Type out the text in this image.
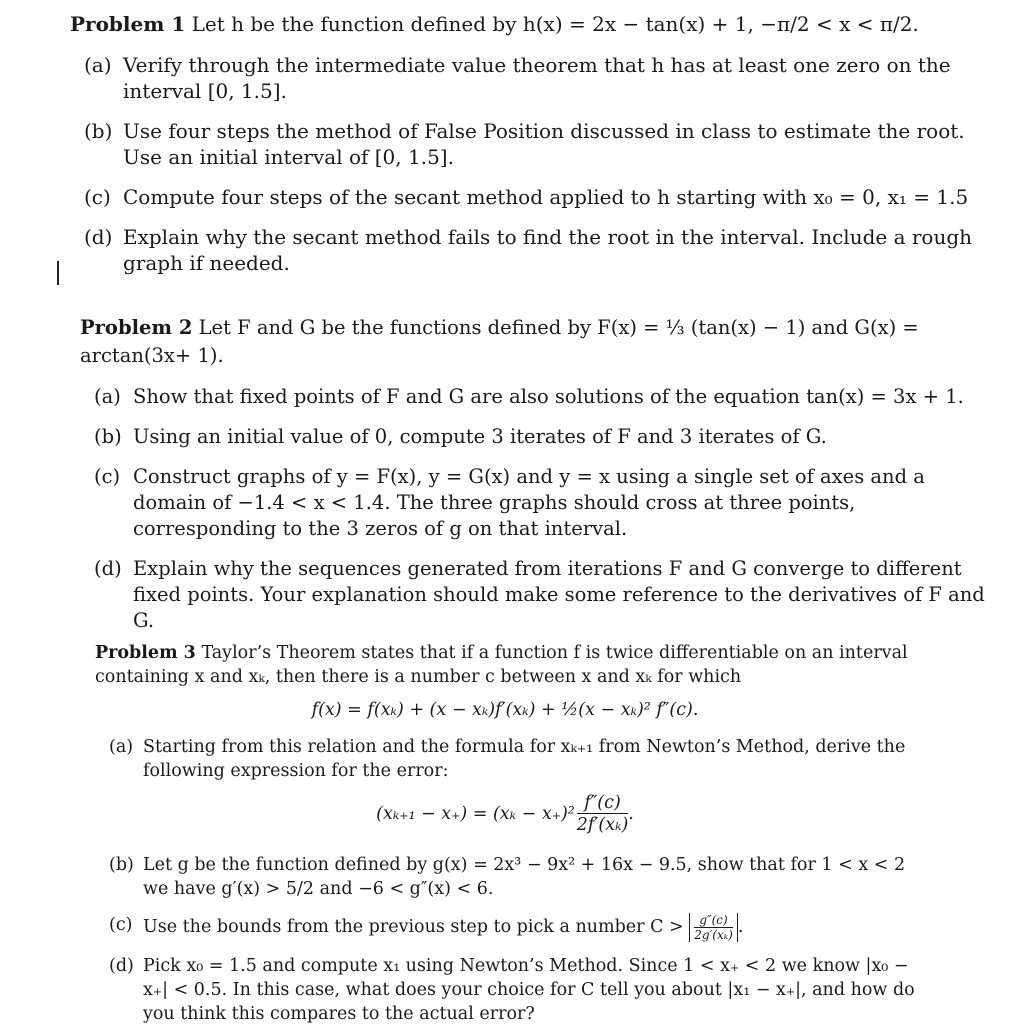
Problem 1 Let h be the function defined by h(x) = 2x − tan(x) + 1, −π/2 < x < π/2.

(a) Verify through the intermediate value theorem that h has at least one zero on the interval [0, 1.5].

(b) Use four steps the method of False Position discussed in class to estimate the root. Use an initial interval of [0, 1.5].

(c) Compute four steps of the secant method applied to h starting with x₀ = 0, x₁ = 1.5

(d) Explain why the secant method fails to find the root in the interval. Include a rough graph if needed.

Problem 2 Let F and G be the functions defined by F(x) = ⅓ (tan(x) − 1) and G(x) = arctan(3x+ 1).

(a) Show that fixed points of F and G are also solutions of the equation tan(x) = 3x + 1.

(b) Using an initial value of 0, compute 3 iterates of F and 3 iterates of G.

(c) Construct graphs of y = F(x), y = G(x) and y = x using a single set of axes and a domain of −1.4 < x < 1.4. The three graphs should cross at three points, corresponding to the 3 zeros of g on that interval.

(d) Explain why the sequences generated from iterations F and G converge to different fixed points. Your explanation should make some reference to the derivatives of F and G.

Problem 3 Taylor’s Theorem states that if a function f is twice differentiable on an interval containing x and xₖ, then there is a number c between x and xₖ for which

f(x) = f(xₖ) + (x − xₖ)f′(xₖ) + ½(x − xₖ)² f″(c).

(a) Starting from this relation and the formula for xₖ₊₁ from Newton’s Method, derive the following expression for the error:

$(x_{k+1} - x_+) = (x_k - x_+)^2 \frac{f''(c)}{\text{2f′(xₖ)}}$ .

(b) Let g be the function defined by g(x) = 2x³ − 9x² + 16x − 9.5, show that for 1 < x < 2 we have g′(x) > 5/2 and −6 < g″(x) < 6.

(c) Use the bounds from the previous step to pick a number $C > \frac{g''(c)}{\text{2g′(xₖ)}}$ .

(d) Pick x₀ = 1.5 and compute x₁ using Newton’s Method. Since 1 < x₊ < 2 we know |x₀ − x₊| < 0.5. In this case, what does your choice for C tell you about |x₁ − x₊|, and how do you think this compares to the actual error?
